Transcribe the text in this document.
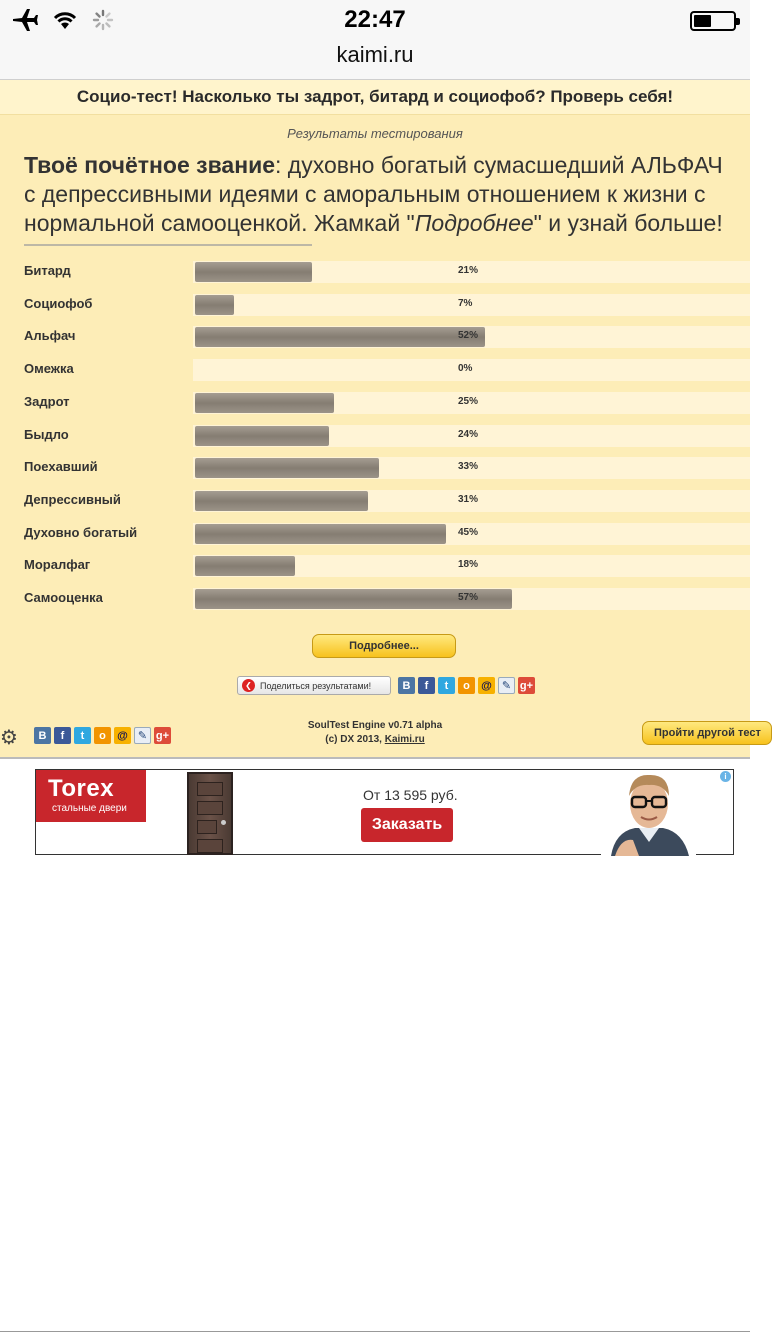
22:47
kaimi.ru
Социо-тест! Насколько ты задрот, битард и социофоб? Проверь себя!
Результаты тестирования
Твоё почётное звание: духовно богатый сумасшедший АЛЬФАЧ с депрессивными идеями с аморальным отношением к жизни с нормальной самооценкой. Жамкай "Подробнее" и узнай больше!
Битард	21%
Социофоб	7%
Альфач	52%
Омежка	0%
Задрот	25%
Быдло	24%
Поехавший	33%
Депрессивный	31%
Духовно богатый	45%
Моралфаг	18%
Самооценка	57%
Подробнее...
❮ Поделиться результатами!	B	f	t	о	@ ✎ g+
⚙	B	f	t	о	@ ✎ g+
SoulTest Engine v0.71 alpha
(c) DX 2013, Kaimi.ru
Пройти другой тест
Torex
стальные двери
От 13 595 руб.
Заказать
i
